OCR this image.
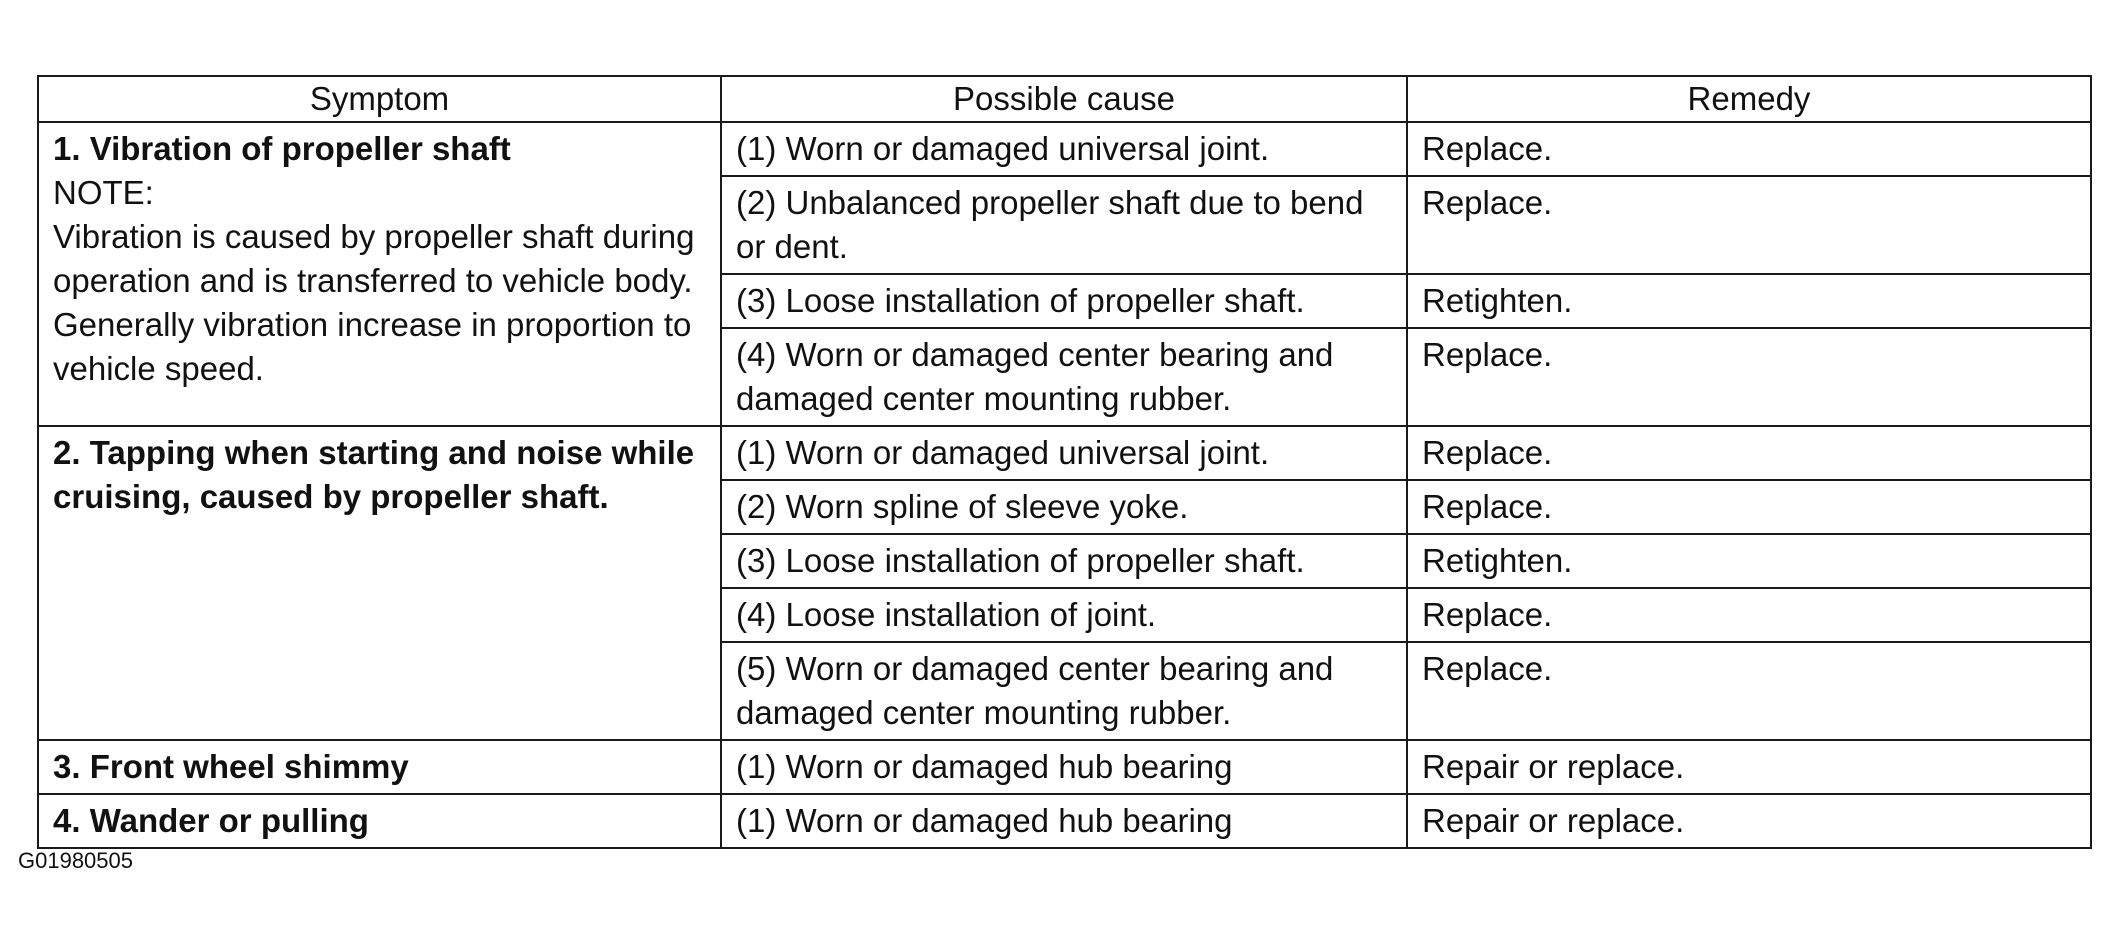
Symptom	Possible cause	Remedy

1. Vibration of propeller shaft
NOTE:
Vibration is caused by propeller shaft during operation and is transferred to vehicle body. Generally vibration increase in proportion to vehicle speed.	(1) Worn or damaged universal joint.	Replace.
	(2) Unbalanced propeller shaft due to bend or dent.	Replace.
	(3) Loose installation of propeller shaft.	Retighten.
	(4) Worn or damaged center bearing and damaged center mounting rubber.	Replace.

2. Tapping when starting and noise while cruising, caused by propeller shaft.	(1) Worn or damaged universal joint.	Replace.
	(2) Worn spline of sleeve yoke.	Replace.
	(3) Loose installation of propeller shaft.	Retighten.
	(4) Loose installation of joint.	Replace.
	(5) Worn or damaged center bearing and damaged center mounting rubber.	Replace.

3. Front wheel shimmy	(1) Worn or damaged hub bearing	Repair or replace.

4. Wander or pulling	(1) Worn or damaged hub bearing	Repair or replace.
G01980505
